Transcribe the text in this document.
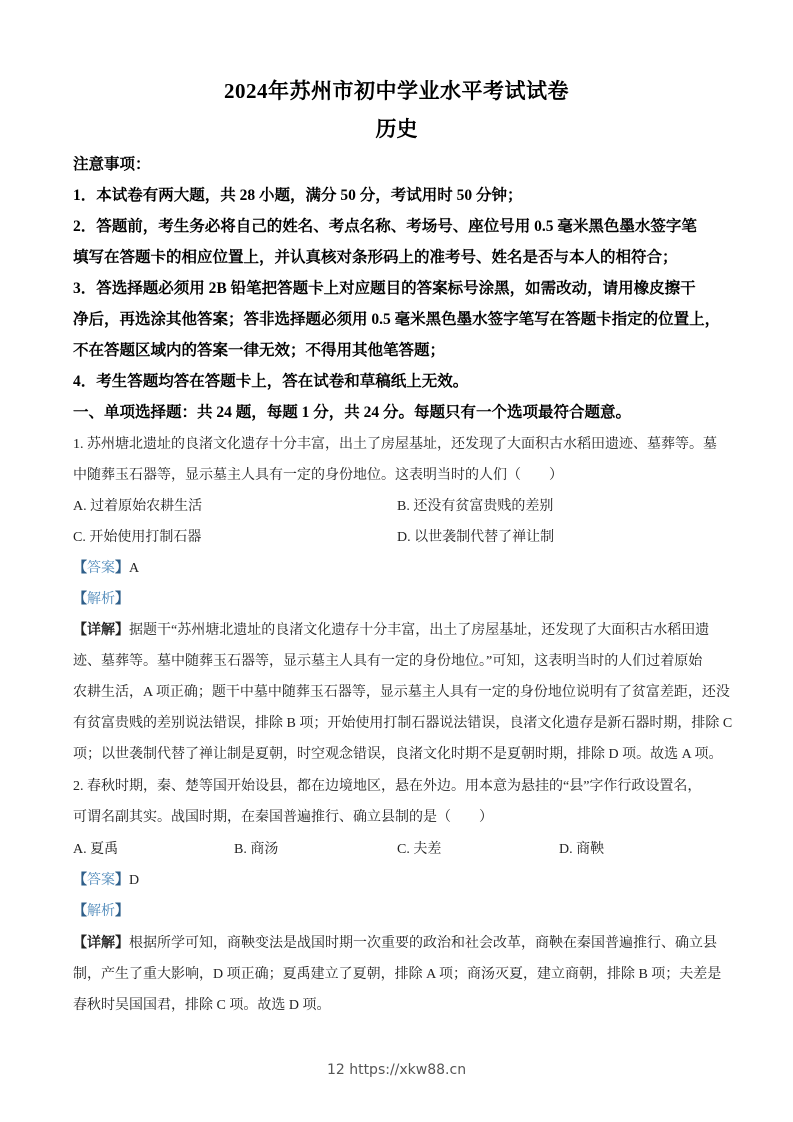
2024年苏州市初中学业水平考试试卷
历史
注意事项：
1．本试卷有两大题，共 28 小题，满分 50 分，考试用时 50 分钟；
2．答题前，考生务必将自己的姓名、考点名称、考场号、座位号用 0.5 毫米黑色墨水签字笔
填写在答题卡的相应位置上，并认真核对条形码上的准考号、姓名是否与本人的相符合；
3．答选择题必须用 2B 铅笔把答题卡上对应题目的答案标号涂黑，如需改动，请用橡皮擦干
净后，再选涂其他答案；答非选择题必须用 0.5 毫米黑色墨水签字笔写在答题卡指定的位置上，
不在答题区域内的答案一律无效；不得用其他笔答题；
4．考生答题均答在答题卡上，答在试卷和草稿纸上无效。
一、单项选择题：共 24 题，每题 1 分，共 24 分。每题只有一个选项最符合题意。
1. 苏州塘北遗址的良渚文化遗存十分丰富，出土了房屋基址，还发现了大面积古水稻田遗迹、墓葬等。墓
中随葬玉石器等，显示墓主人具有一定的身份地位。这表明当时的人们（　　）
A. 过着原始农耕生活	B. 还没有贫富贵贱的差别
C. 开始使用打制石器	D. 以世袭制代替了禅让制
【答案】A
【解析】
【详解】据题干“苏州塘北遗址的良渚文化遗存十分丰富，出土了房屋基址，还发现了大面积古水稻田遗
迹、墓葬等。墓中随葬玉石器等，显示墓主人具有一定的身份地位。”可知，这表明当时的人们过着原始
农耕生活，A 项正确；题干中墓中随葬玉石器等，显示墓主人具有一定的身份地位说明有了贫富差距，还没
有贫富贵贱的差别说法错误，排除 B 项；开始使用打制石器说法错误，良渚文化遗存是新石器时期，排除 C
项；以世袭制代替了禅让制是夏朝，时空观念错误，良渚文化时期不是夏朝时期，排除 D 项。故选 A 项。
2. 春秋时期，秦、楚等国开始设县，都在边境地区，悬在外边。用本意为悬挂的“县”字作行政设置名，
可谓名副其实。战国时期，在秦国普遍推行、确立县制的是（　　）
A. 夏禹	B. 商汤	C. 夫差	D. 商鞅
【答案】D
【解析】
【详解】根据所学可知，商鞅变法是战国时期一次重要的政治和社会改革，商鞅在秦国普遍推行、确立县
制，产生了重大影响，D 项正确；夏禹建立了夏朝，排除 A 项；商汤灭夏，建立商朝，排除 B 项；夫差是
春秋时吴国国君，排除 C 项。故选 D 项。
12 https://xkw88.cn
